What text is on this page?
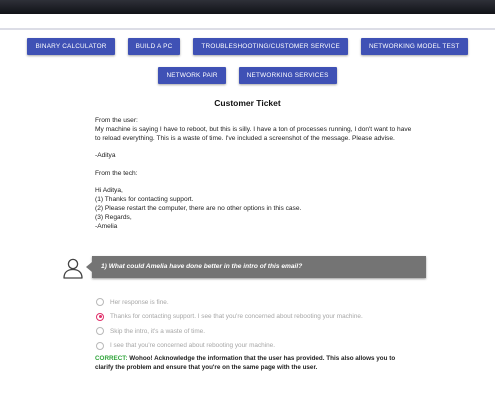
BINARY CALCULATOR	BUILD A PC	TROUBLESHOOTING/CUSTOMER SERVICE	NETWORKING MODEL TEST
NETWORK PAIR	NETWORKING SERVICES
Customer Ticket

From the user:

My machine is saying I have to reboot, but this is silly. I have a ton of processes running, I don't want to have to reload everything. This is a waste of time. I've included a screenshot of the message. Please advise.

-Aditya

From the tech:

Hi Aditya,

(1) Thanks for contacting support.

(2) Please restart the computer, there are no other options in this case.

(3) Regards,

-Amelia

1) What could Amelia have done better in the intro of this email?
Her response is fine.
Thanks for contacting support. I see that you're concerned about rebooting your machine.
Skip the intro, it's a waste of time.
I see that you're concerned about rebooting your machine.
CORRECT: Wohoo! Acknowledge the information that the user has provided. This also allows you to clarify the problem and ensure that you're on the same page with the user.
